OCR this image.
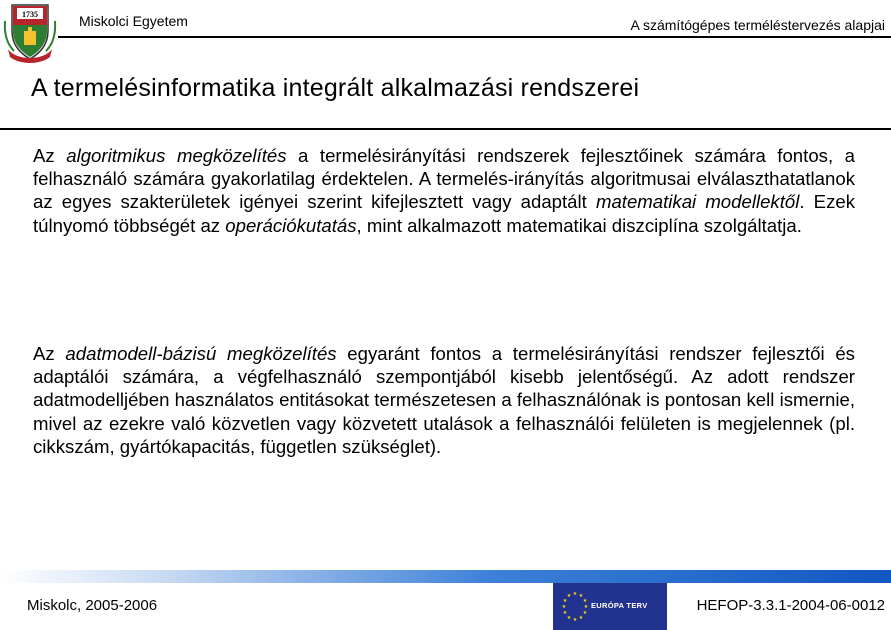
1735	Miskolci Egyetem	A számítógépes terméléstervezés alapjai
A termelésinformatika integrált alkalmazási rendszerei

Az algoritmikus megközelítés a termelésirányítási rendszerek fejlesztőinek számára fontos, a felhasználó számára gyakorlatilag érdektelen. A termelés-irányítás algoritmusai elválaszthatatlanok az egyes szakterületek igényei szerint kifejlesztett vagy adaptált matematikai modellektől. Ezek túlnyomó többségét az operációkutatás, mint alkalmazott matematikai diszciplína szolgáltatja.

Az adatmodell-bázisú megközelítés egyaránt fontos a termelésirányítási rendszer fejlesztői és adaptálói számára, a végfelhasználó szempontjából kisebb jelentőségű. Az adott rendszer adatmodelljében használatos entitásokat természetesen a felhasználónak is pontosan kell ismernie, mivel az ezekre való közvetlen vagy közvetett utalások a felhasználói felületen is megjelennek (pl. cikkszám, gyártókapacitás, független szükséglet).

Miskolc, 2005-2006
★ ★
★
★
★
★
★
★
★
★
★
★
EURÓPA TERV	HEFOP-3.3.1-2004-06-0012
